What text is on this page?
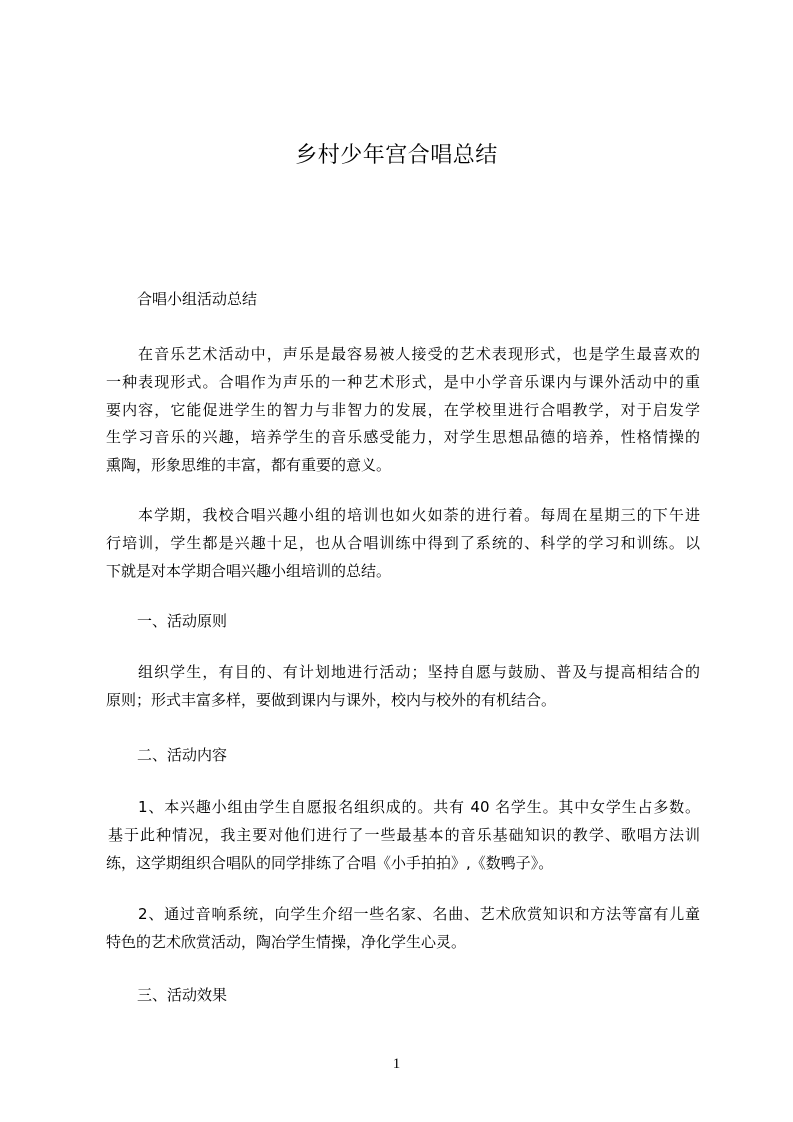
乡村少年宫合唱总结
合唱小组活动总结
在音乐艺术活动中，声乐是最容易被人接受的艺术表现形式，也是学生最喜欢的
一种表现形式。合唱作为声乐的一种艺术形式，是中小学音乐课内与课外活动中的重
要内容，它能促进学生的智力与非智力的发展，在学校里进行合唱教学，对于启发学
生学习音乐的兴趣，培养学生的音乐感受能力，对学生思想品德的培养，性格情操的
熏陶，形象思维的丰富，都有重要的意义。
本学期，我校合唱兴趣小组的培训也如火如荼的进行着。每周在星期三的下午进
行培训，学生都是兴趣十足，也从合唱训练中得到了系统的、科学的学习和训练。以
下就是对本学期合唱兴趣小组培训的总结。
一、活动原则
组织学生，有目的、有计划地进行活动；坚持自愿与鼓励、普及与提高相结合的
原则；形式丰富多样，要做到课内与课外，校内与校外的有机结合。
二、活动内容
1、本兴趣小组由学生自愿报名组织成的。共有 40 名学生。其中女学生占多数。
基于此种情况，我主要对他们进行了一些最基本的音乐基础知识的教学、歌唱方法训
练，这学期组织合唱队的同学排练了合唱《小手拍拍》,《数鸭子》。
2、通过音响系统，向学生介绍一些名家、名曲、艺术欣赏知识和方法等富有儿童
特色的艺术欣赏活动，陶冶学生情操，净化学生心灵。
三、活动效果
1
